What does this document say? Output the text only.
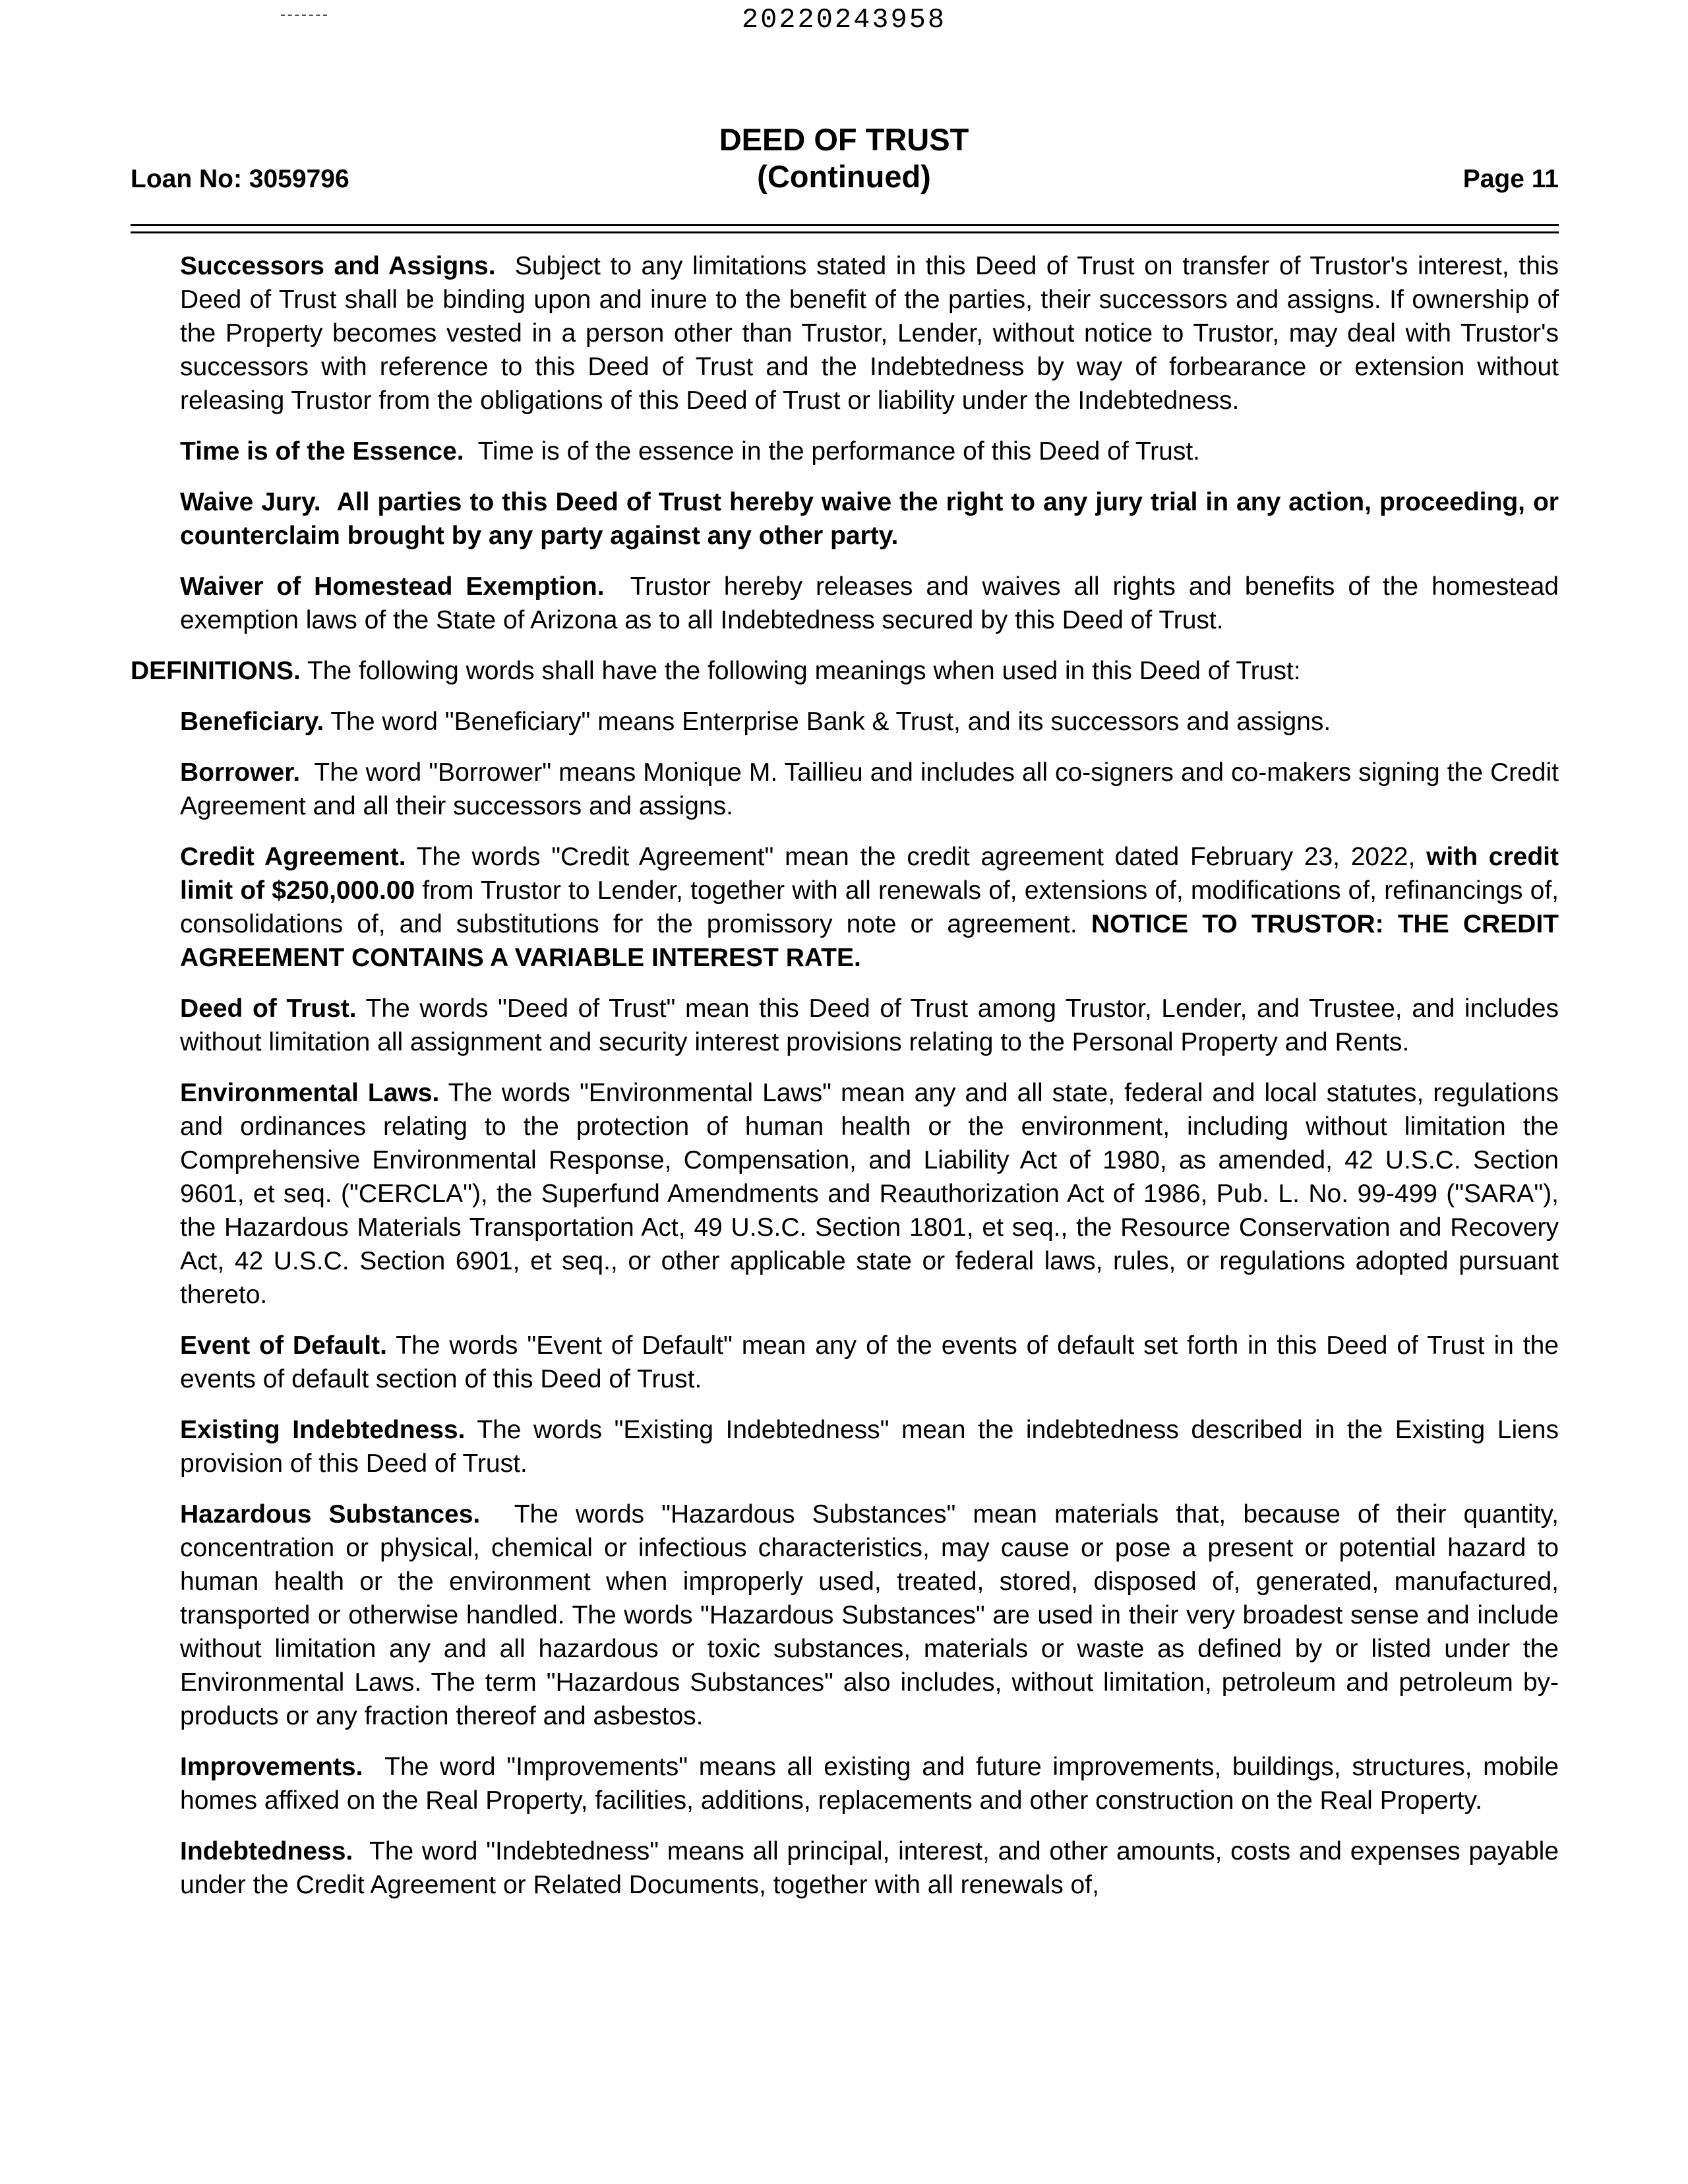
20220243958
DEED OF TRUST
(Continued)
Loan No: 3059796	Page 11

Successors and Assigns. Subject to any limitations stated in this Deed of Trust on transfer of Trustor's interest, this Deed of Trust shall be binding upon and inure to the benefit of the parties, their successors and assigns. If ownership of the Property becomes vested in a person other than Trustor, Lender, without notice to Trustor, may deal with Trustor's successors with reference to this Deed of Trust and the Indebtedness by way of forbearance or extension without releasing Trustor from the obligations of this Deed of Trust or liability under the Indebtedness.

Time is of the Essence. Time is of the essence in the performance of this Deed of Trust.

Waive Jury. All parties to this Deed of Trust hereby waive the right to any jury trial in any action, proceeding, or counterclaim brought by any party against any other party.

Waiver of Homestead Exemption. Trustor hereby releases and waives all rights and benefits of the homestead exemption laws of the State of Arizona as to all Indebtedness secured by this Deed of Trust.

DEFINITIONS. The following words shall have the following meanings when used in this Deed of Trust:

Beneficiary. The word "Beneficiary" means Enterprise Bank & Trust, and its successors and assigns.

Borrower. The word "Borrower" means Monique M. Taillieu and includes all co-signers and co-makers signing the Credit Agreement and all their successors and assigns.

Credit Agreement. The words "Credit Agreement" mean the credit agreement dated February 23, 2022, with credit limit of $250,000.00 from Trustor to Lender, together with all renewals of, extensions of, modifications of, refinancings of, consolidations of, and substitutions for the promissory note or agreement. NOTICE TO TRUSTOR: THE CREDIT AGREEMENT CONTAINS A VARIABLE INTEREST RATE.

Deed of Trust. The words "Deed of Trust" mean this Deed of Trust among Trustor, Lender, and Trustee, and includes without limitation all assignment and security interest provisions relating to the Personal Property and Rents.

Environmental Laws. The words "Environmental Laws" mean any and all state, federal and local statutes, regulations and ordinances relating to the protection of human health or the environment, including without limitation the Comprehensive Environmental Response, Compensation, and Liability Act of 1980, as amended, 42 U.S.C. Section 9601, et seq. ("CERCLA"), the Superfund Amendments and Reauthorization Act of 1986, Pub. L. No. 99-499 ("SARA"), the Hazardous Materials Transportation Act, 49 U.S.C. Section 1801, et seq., the Resource Conservation and Recovery Act, 42 U.S.C. Section 6901, et seq., or other applicable state or federal laws, rules, or regulations adopted pursuant thereto.

Event of Default. The words "Event of Default" mean any of the events of default set forth in this Deed of Trust in the events of default section of this Deed of Trust.

Existing Indebtedness. The words "Existing Indebtedness" mean the indebtedness described in the Existing Liens provision of this Deed of Trust.

Hazardous Substances. The words "Hazardous Substances" mean materials that, because of their quantity, concentration or physical, chemical or infectious characteristics, may cause or pose a present or potential hazard to human health or the environment when improperly used, treated, stored, disposed of, generated, manufactured, transported or otherwise handled. The words "Hazardous Substances" are used in their very broadest sense and include without limitation any and all hazardous or toxic substances, materials or waste as defined by or listed under the Environmental Laws. The term "Hazardous Substances" also includes, without limitation, petroleum and petroleum by-products or any fraction thereof and asbestos.

Improvements. The word "Improvements" means all existing and future improvements, buildings, structures, mobile homes affixed on the Real Property, facilities, additions, replacements and other construction on the Real Property.

Indebtedness. The word "Indebtedness" means all principal, interest, and other amounts, costs and expenses payable under the Credit Agreement or Related Documents, together with all renewals of,
